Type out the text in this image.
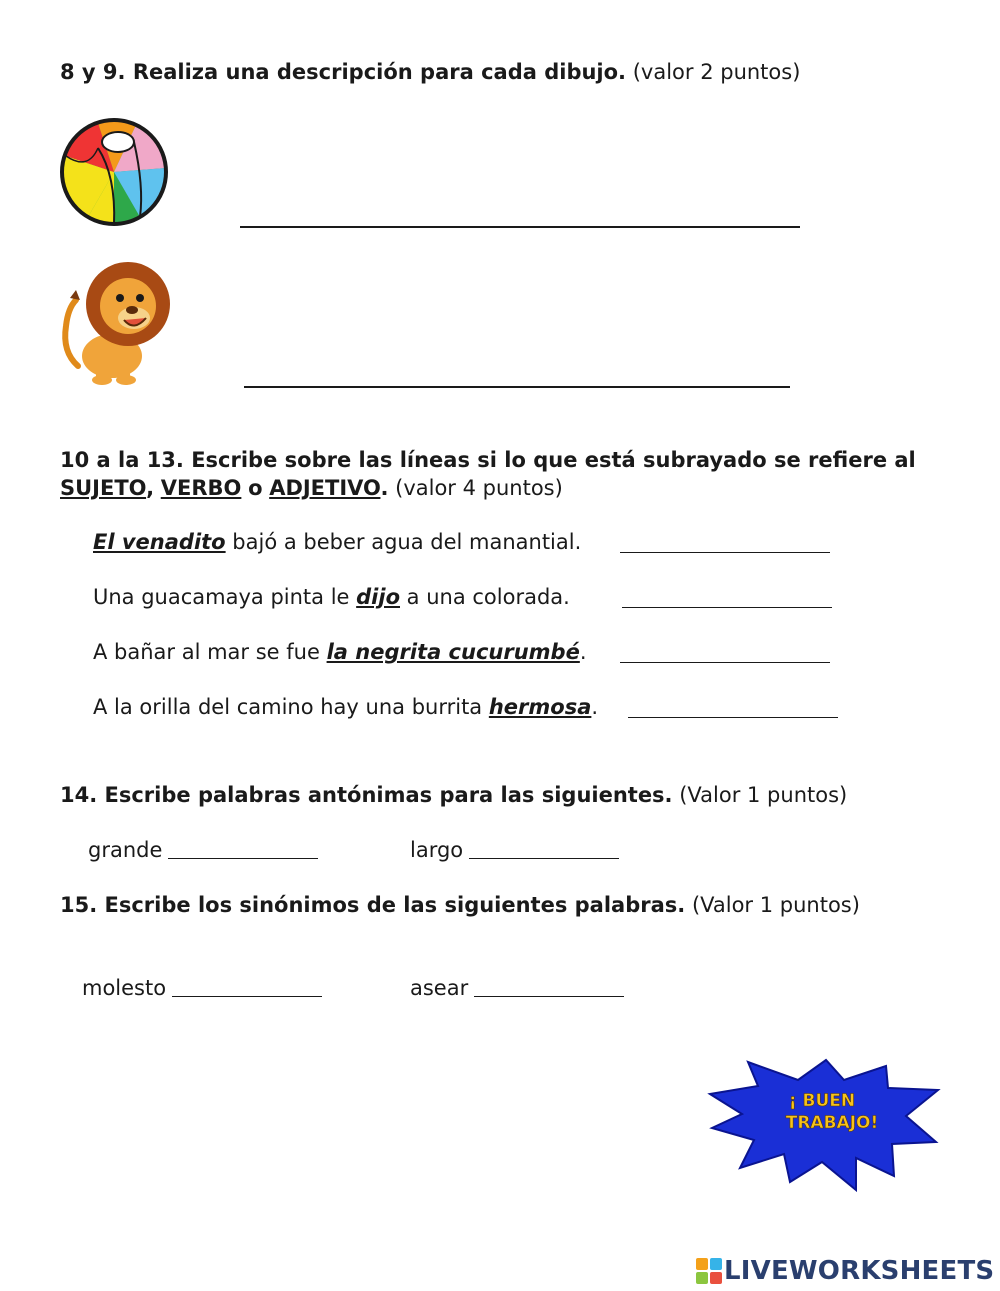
8 y 9. Realiza una descripción para cada dibujo. (valor 2 puntos)
10 a la 13. Escribe sobre las líneas si lo que está subrayado se refiere al
SUJETO, VERBO o ADJETIVO. (valor 4 puntos)
El venadito bajó a beber agua del manantial.
Una guacamaya pinta le dijo a una colorada.
A bañar al mar se fue la negrita cucurumbé.
A la orilla del camino hay una burrita hermosa.
14. Escribe palabras antónimas para las siguientes. (Valor 1 puntos)
grande	largo
15. Escribe los sinónimos de las siguientes palabras. (Valor 1 puntos)
molesto	asear
¡ BUEN
TRABAJO!
LIVEWORKSHEETS
